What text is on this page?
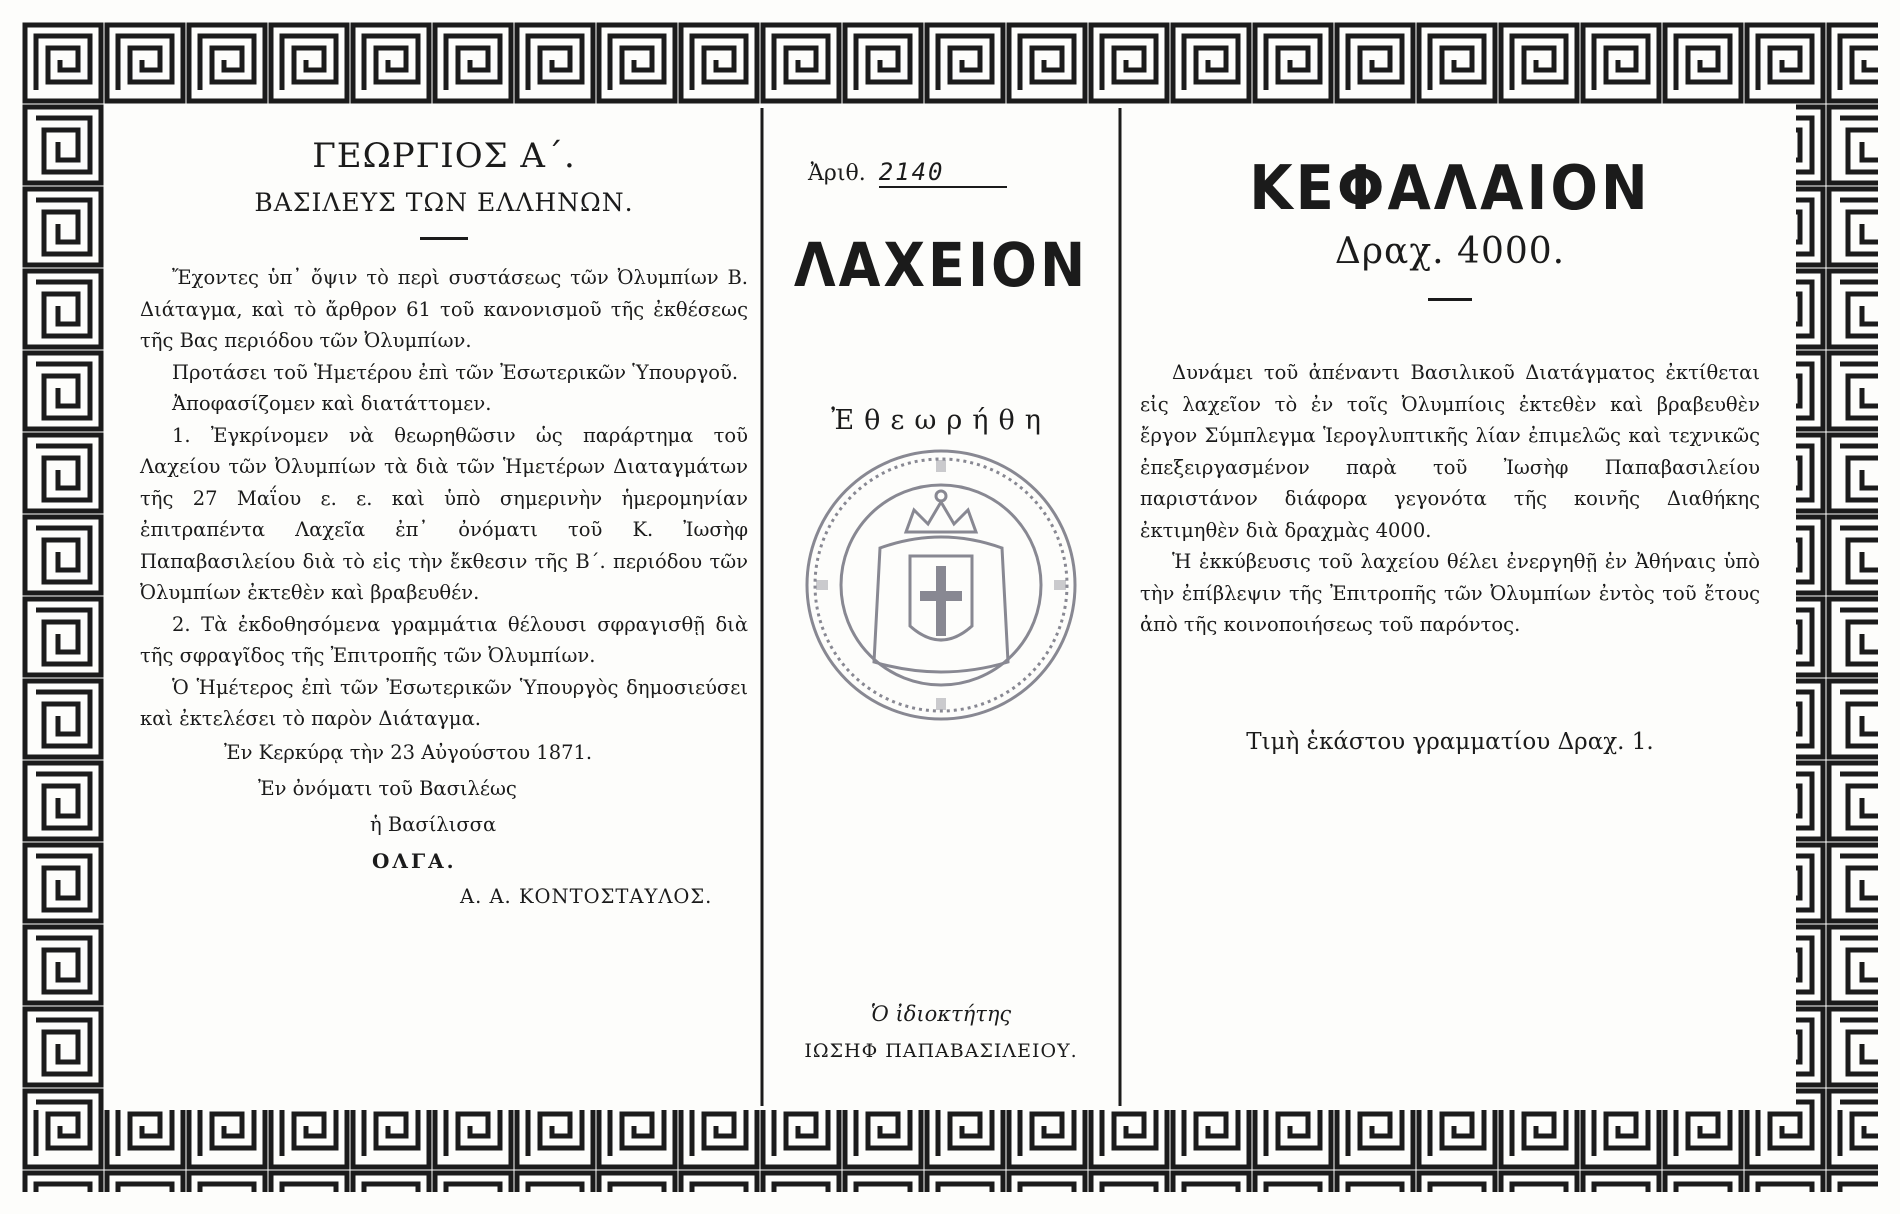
ΓΕΩΡΓΙΟΣ Α΄.
ΒΑΣΙΛΕΥΣ ΤΩΝ ΕΛΛΗΝΩΝ.

Ἔχοντες ὑπ᾽ ὄψιν τὸ περὶ συστάσεως τῶν Ὀλυμπίων Β. Διάταγμα, καὶ τὸ ἄρθρον 61 τοῦ κανονισμοῦ τῆς ἐκθέσεως τῆς Βας περιόδου τῶν Ὀλυμπίων.

Προτάσει τοῦ Ἡμετέρου ἐπὶ τῶν Ἐσωτερικῶν Ὑπουργοῦ.

Ἀποφασίζομεν καὶ διατάττομεν.

1. Ἐγκρίνομεν νὰ θεωρηθῶσιν ὡς παράρτημα τοῦ Λαχείου τῶν Ὀλυμπίων τὰ διὰ τῶν Ἡμετέρων Διαταγμάτων τῆς 27 Μαΐου ε. ε. καὶ ὑπὸ σημερινὴν ἡμερομηνίαν ἐπιτραπέντα Λαχεῖα ἐπ᾽ ὀνόματι τοῦ Κ. Ἰωσὴφ Παπαβασιλείου διὰ τὸ εἰς τὴν ἔκθεσιν τῆς Β΄. περιόδου τῶν Ὀλυμπίων ἐκτεθὲν καὶ βραβευθέν.

2. Τὰ ἐκδοθησόμενα γραμμάτια θέλουσι σφραγισθῇ διὰ τῆς σφραγῖδος τῆς Ἐπιτροπῆς τῶν Ὀλυμπίων.

Ὁ Ἡμέτερος ἐπὶ τῶν Ἐσωτερικῶν Ὑπουργὸς δημοσιεύσει καὶ ἐκτελέσει τὸ παρὸν Διάταγμα.

Ἐν Κερκύρᾳ τὴν 23 Αὐγούστου 1871.
Ἐν ὀνόματι τοῦ Βασιλέως
ἡ Βασίλισσα
ΟΛΓΑ.
Α. Α. ΚΟΝΤΟΣΤΑΥΛΟΣ.
Ἀριθ. 2140
ΛΑΧΕΙΟΝ
Ἐθεωρήθη
Ὁ ἰδιοκτήτης
ΙΩΣΗΦ ΠΑΠΑΒΑΣΙΛΕΙΟΥ.
ΚΕΦΑΛΑΙΟΝ
Δραχ. 4000.

Δυνάμει τοῦ ἀπέναντι Βασιλικοῦ Διατάγματος ἐκτίθεται εἰς λαχεῖον τὸ ἐν τοῖς Ὀλυμπίοις ἐκτεθὲν καὶ βραβευθὲν ἔργον Σύμπλεγμα Ἱερογλυπτικῆς λίαν ἐπιμελῶς καὶ τεχνικῶς ἐπεξειργασμένον παρὰ τοῦ Ἰωσὴφ Παπαβασιλείου παριστάνον διάφορα γεγονότα τῆς κοινῆς Διαθήκης ἐκτιμηθὲν διὰ δραχμὰς 4000.

Ἡ ἐκκύβευσις τοῦ λαχείου θέλει ἐνεργηθῇ ἐν Ἀθήναις ὑπὸ τὴν ἐπίβλεψιν τῆς Ἐπιτροπῆς τῶν Ὀλυμπίων ἐντὸς τοῦ ἔτους ἀπὸ τῆς κοινοποιήσεως τοῦ παρόντος.

Τιμὴ ἑκάστου γραμματίου Δραχ. 1.
